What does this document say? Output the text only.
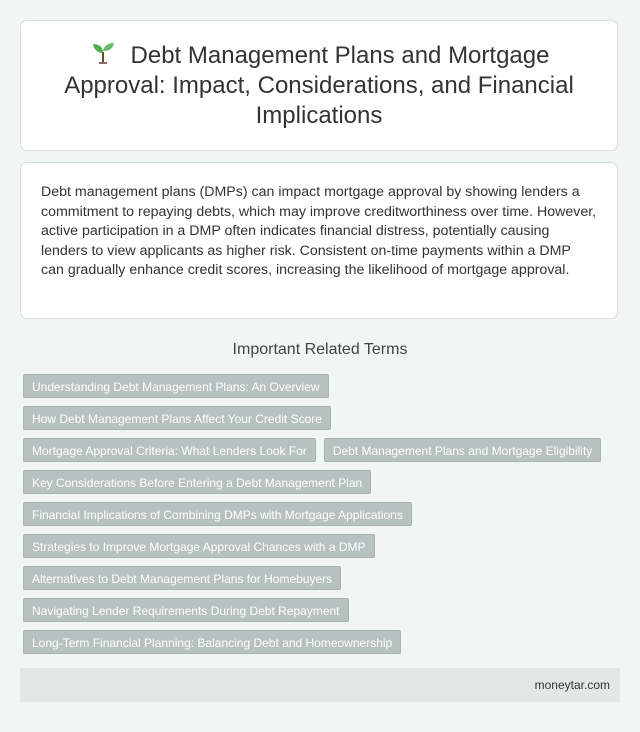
Debt Management Plans and Mortgage Approval: Impact, Considerations, and Financial Implications

Debt management plans (DMPs) can impact mortgage approval by showing lenders a commitment to repaying debts, which may improve creditworthiness over time. However, active participation in a DMP often indicates financial distress, potentially causing lenders to view applicants as higher risk. Consistent on-time payments within a DMP can gradually enhance credit scores, increasing the likelihood of mortgage approval.

Important Related Terms
Understanding Debt Management Plans: An Overview
How Debt Management Plans Affect Your Credit Score
Mortgage Approval Criteria: What Lenders Look For	Debt Management Plans and Mortgage Eligibility
Key Considerations Before Entering a Debt Management Plan
Financial Implications of Combining DMPs with Mortgage Applications
Strategies to Improve Mortgage Approval Chances with a DMP
Alternatives to Debt Management Plans for Homebuyers
Navigating Lender Requirements During Debt Repayment
Long-Term Financial Planning: Balancing Debt and Homeownership
moneytar.com
